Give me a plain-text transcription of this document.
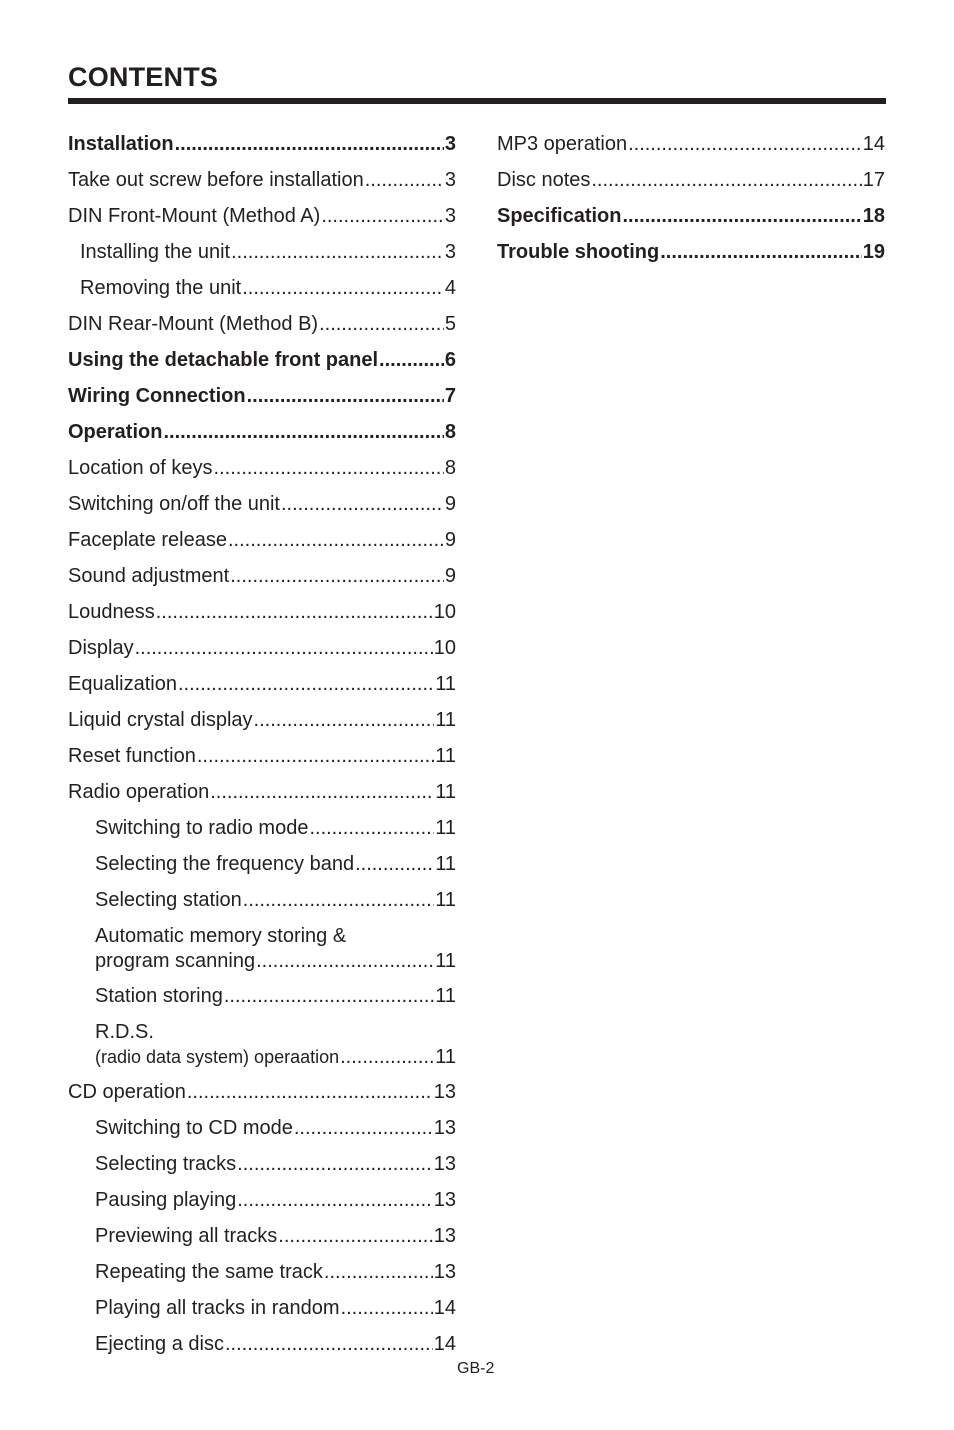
CONTENTS
Installation .....	3
Take out screw before installation .....	3
DIN Front-Mount (Method A) .....	3
Installing the unit .....	3
Removing the unit .....	4
DIN Rear-Mount (Method B) .....	5
Using the detachable front panel .....	6
Wiring Connection .....	7
Operation .....	8
Location of keys .....	8
Switching on/off the unit .....	9
Faceplate release .....	9
Sound adjustment .....	9
Loudness .....	10
Display .....	10
Equalization .....	11
Liquid crystal display .....	11
Reset function .....	11
Radio operation .....	11
Switching to radio mode .....	11
Selecting the frequency band .....	11
Selecting station .....	11
Automatic memory storing &
program scanning .....	11
Station storing .....	11
R.D.S.
(radio data system) operaation .....	11
CD operation .....	13
Switching to CD mode .....	13
Selecting tracks .....	13
Pausing playing .....	13
Previewing all tracks .....	13
Repeating the same track .....	13
Playing all tracks in random .....	14
Ejecting a disc .....	14
MP3 operation .....	14
Disc notes .....	17
Specification .....	18
Trouble shooting .....	19
GB-2
